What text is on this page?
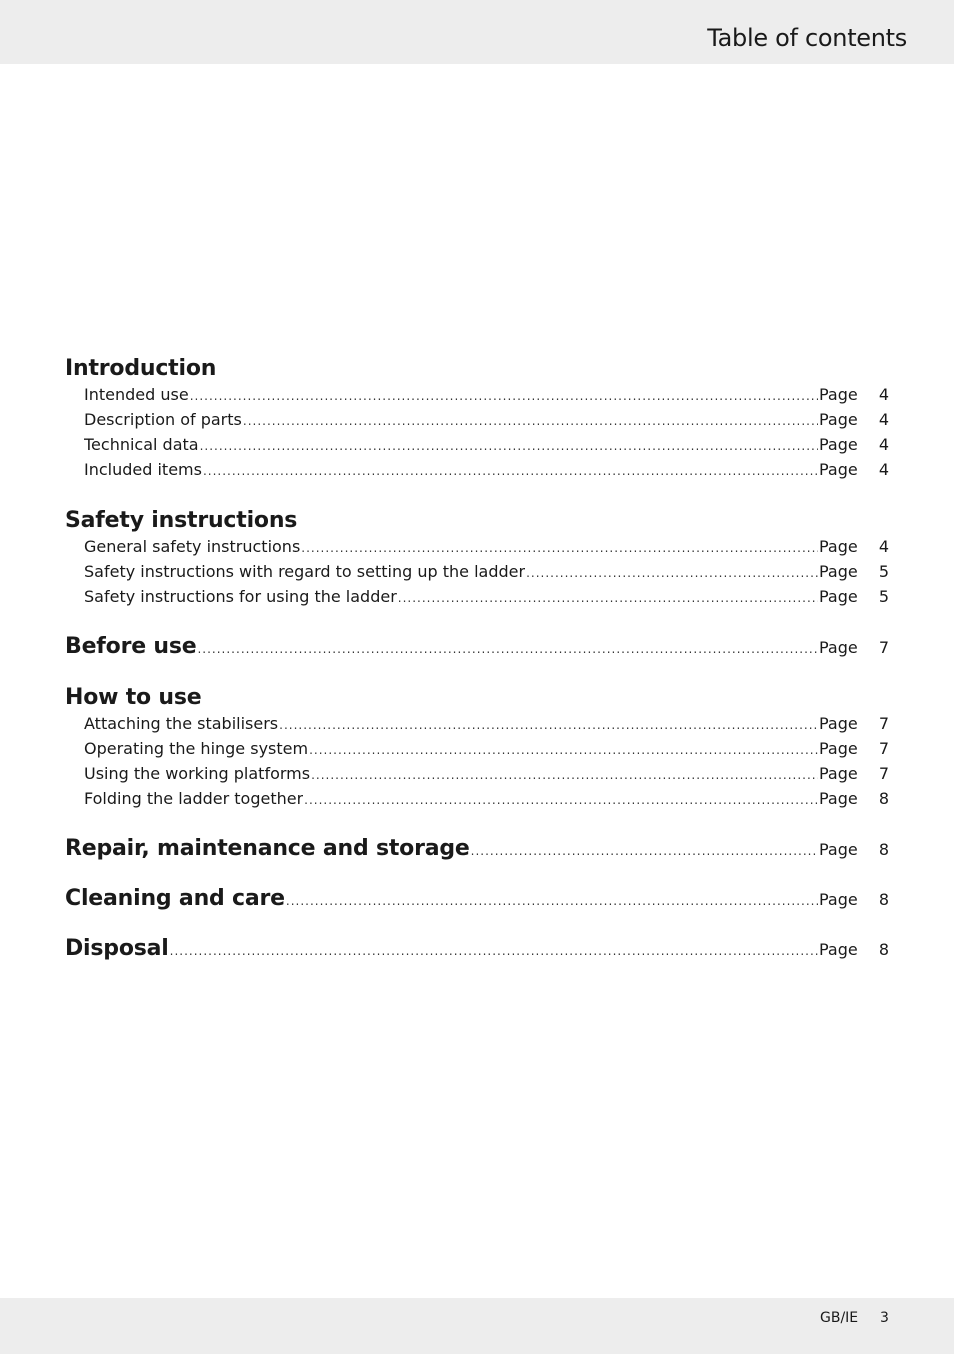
Table of contents
Introduction
Intended use .....	Page	4
Description of parts .....	Page	4
Technical data .....	Page	4
Included items .....	Page	4
Safety instructions
General safety instructions .....	Page	4
Safety instructions with regard to setting up the ladder .....	Page	5
Safety instructions for using the ladder .....	Page	5
Before use .....	Page	7
How to use
Attaching the stabilisers .....	Page	7
Operating the hinge system .....	Page	7
Using the working platforms .....	Page	7
Folding the ladder together .....	Page	8
Repair, maintenance and storage .....	Page	8
Cleaning and care .....	Page	8
Disposal .....	Page	8
GB/IE 3
